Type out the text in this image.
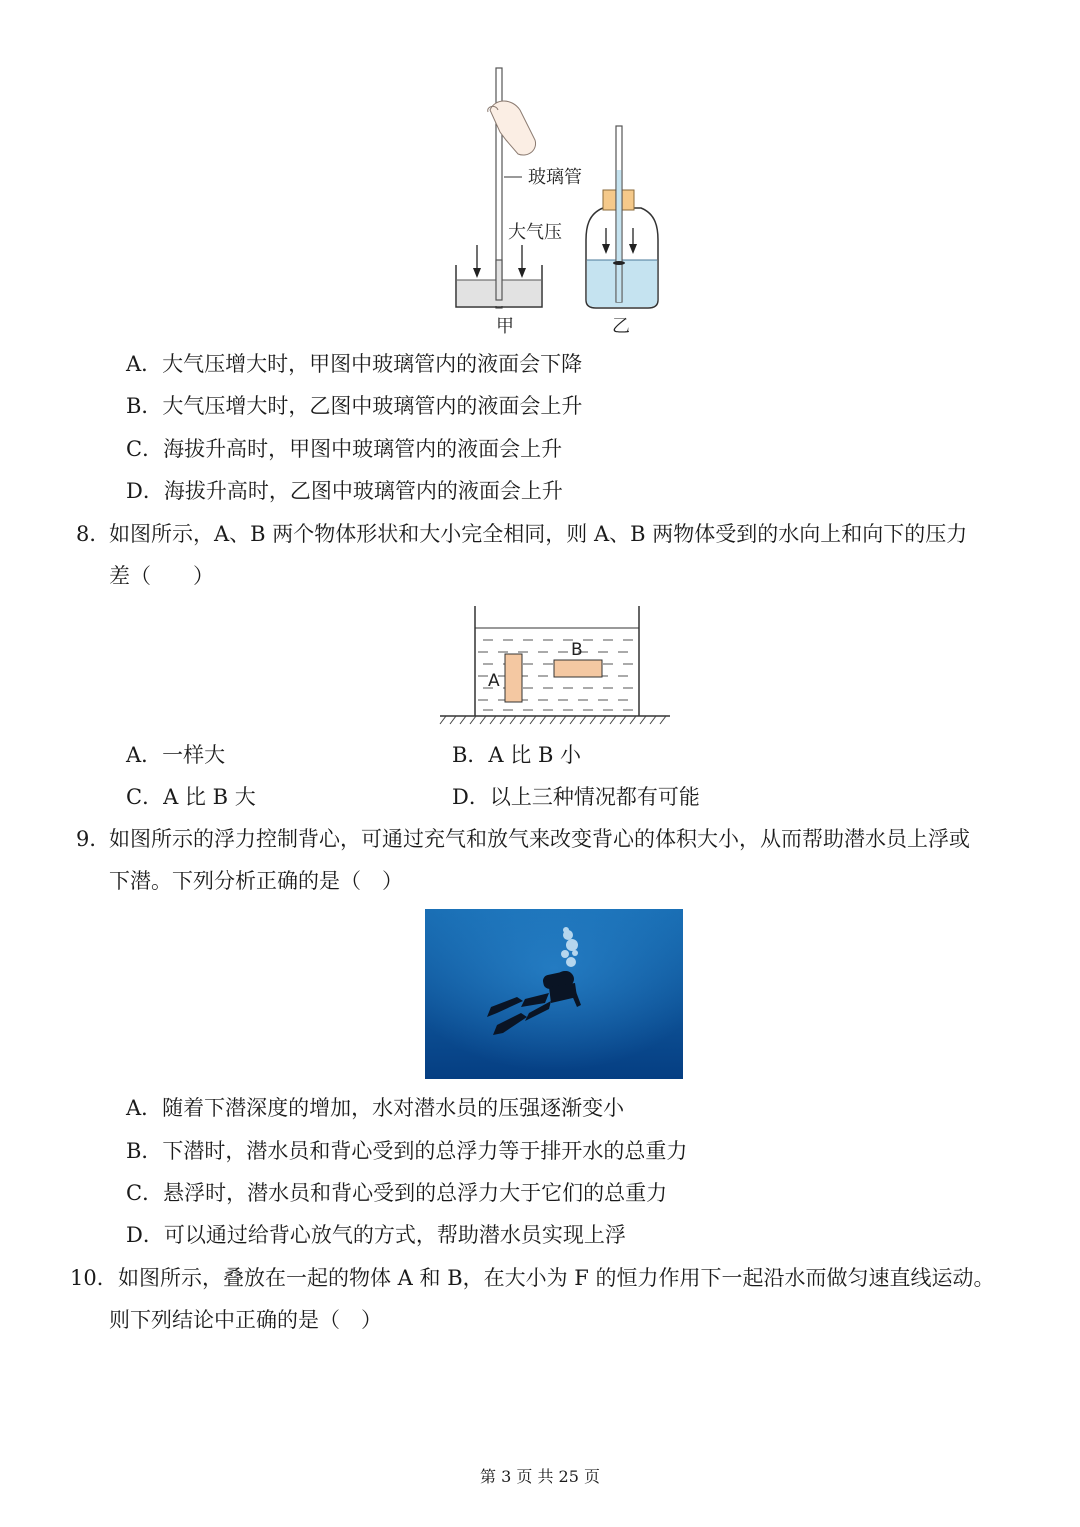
玻璃管
大气压
甲	乙
A．大气压增大时，甲图中玻璃管内的液面会下降
B．大气压增大时，乙图中玻璃管内的液面会上升
C．海拔升高时，甲图中玻璃管内的液面会上升
D．海拔升高时，乙图中玻璃管内的液面会上升
8．
如图所示，A、B 两个物体形状和大小完全相同，则 A、B 两物体受到的水向上和向下的压力
差（　　）
A
B
A．一样大	B．A 比 B 小
C．A 比 B 大	D．以上三种情况都有可能
9．
如图所示的浮力控制背心，可通过充气和放气来改变背心的体积大小，从而帮助潜水员上浮或
下潜。下列分析正确的是（　）
A．随着下潜深度的增加，水对潜水员的压强逐渐变小
B．下潜时，潜水员和背心受到的总浮力等于排开水的总重力
C．悬浮时，潜水员和背心受到的总浮力大于它们的总重力
D．可以通过给背心放气的方式，帮助潜水员实现上浮
10． 如图所示，叠放在一起的物体 A 和 B，在大小为 F 的恒力作用下一起沿水而做匀速直线运动。
则下列结论中正确的是（　）
第 3 页 共 25 页
